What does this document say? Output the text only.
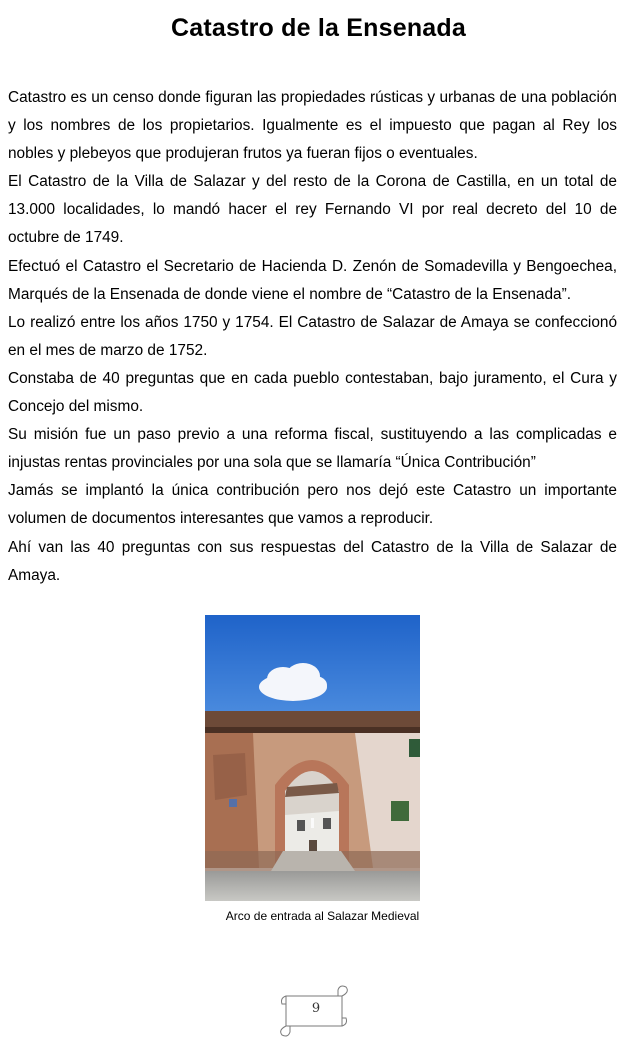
Catastro de la Ensenada

Catastro es un censo donde figuran las propiedades rústicas y urbanas de una población y los nombres de los propietarios. Igualmente es el impuesto que pagan al Rey los nobles y plebeyos que produjeran frutos ya fueran fijos o eventuales.

El Catastro de la Villa de Salazar y del resto de la Corona de Castilla, en un total de 13.000 localidades, lo mandó hacer el rey Fernando VI por real decreto del 10 de octubre de 1749.

Efectuó el Catastro el Secretario de Hacienda D. Zenón de Somadevilla y Bengoechea, Marqués de la Ensenada de donde viene el nombre de “Catastro de la Ensenada”.

Lo realizó entre los años 1750 y 1754. El Catastro de Salazar de Amaya se confeccionó en el mes de marzo de 1752.

Constaba de 40 preguntas que en cada pueblo contestaban, bajo juramento, el Cura y Concejo del mismo.

Su misión fue un paso previo a una reforma fiscal, sustituyendo a las complicadas e injustas rentas provinciales por una sola que se llamaría “Única Contribución”

Jamás se implantó la única contribución pero nos dejó este Catastro un importante volumen de documentos interesantes que vamos a reproducir.

Ahí van las 40 preguntas con sus respuestas del Catastro de la Villa de Salazar de Amaya.

Arco de entrada al Salazar Medieval
9
